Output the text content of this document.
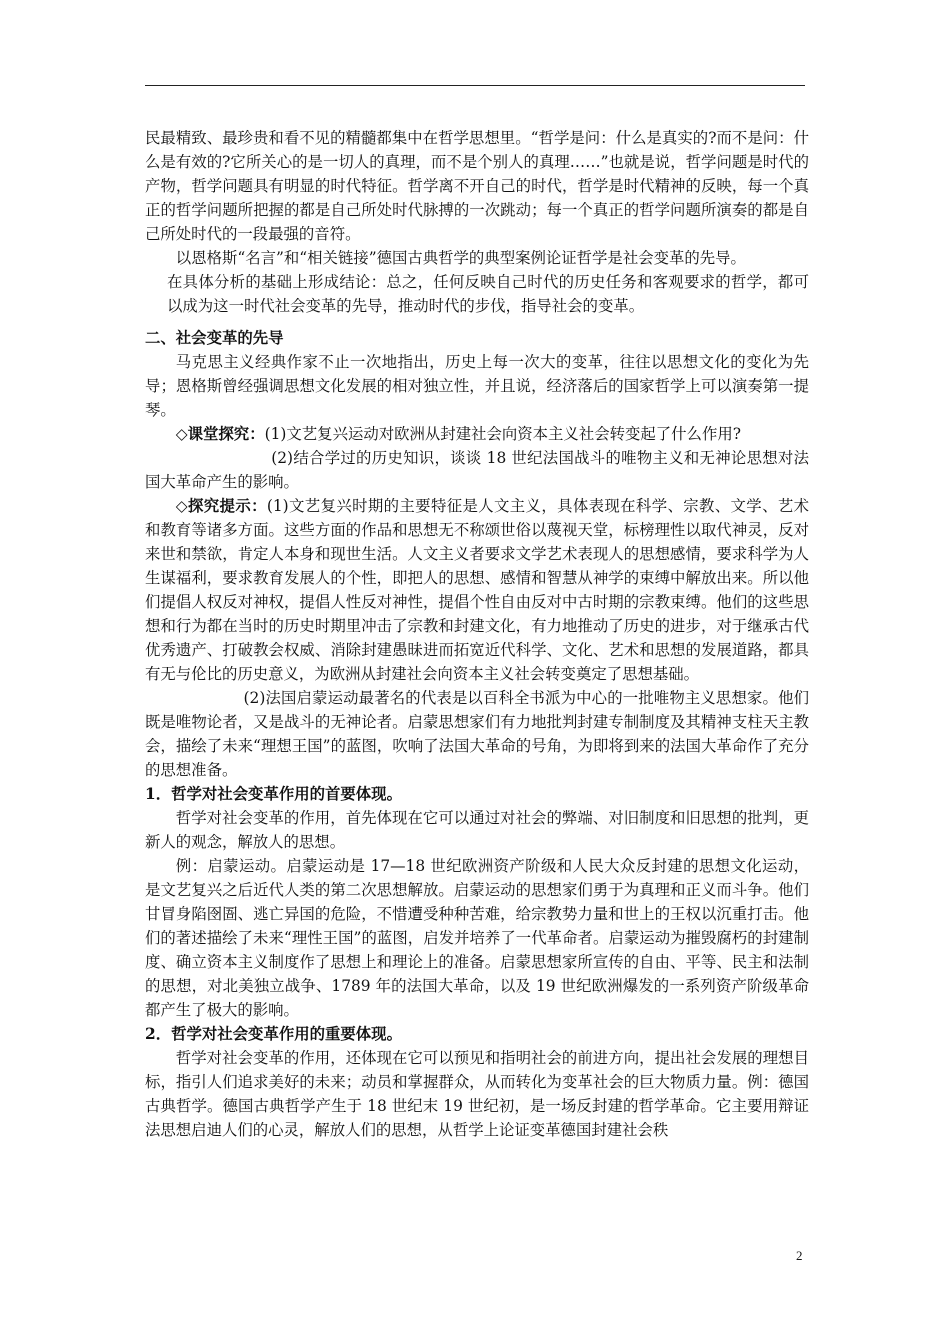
民最精致、最珍贵和看不见的精髓都集中在哲学思想里。“哲学是问：什么是真实的?而不是问：什么是有效的?它所关心的是一切人的真理，而不是个别人的真理……”也就是说，哲学问题是时代的产物，哲学问题具有明显的时代特征。哲学离不开自己的时代，哲学是时代精神的反映，每一个真正的哲学问题所把握的都是自己所处时代脉搏的一次跳动；每一个真正的哲学问题所演奏的都是自己所处时代的一段最强的音符。

以恩格斯“名言”和“相关链接”德国古典哲学的典型案例论证哲学是社会变革的先导。

在具体分析的基础上形成结论：总之，任何反映自己时代的历史任务和客观要求的哲学，都可以成为这一时代社会变革的先导，推动时代的步伐，指导社会的变革。

二、社会变革的先导

马克思主义经典作家不止一次地指出，历史上每一次大的变革，往往以思想文化的变化为先导；恩格斯曾经强调思想文化发展的相对独立性，并且说，经济落后的国家哲学上可以演奏第一提琴。

◇课堂探究：(1)文艺复兴运动对欧洲从封建社会向资本主义社会转变起了什么作用?

(2)结合学过的历史知识，谈谈 18 世纪法国战斗的唯物主义和无神论思想对法国大革命产生的影响。

◇探究提示：(1)文艺复兴时期的主要特征是人文主义，具体表现在科学、宗教、文学、艺术和教育等诸多方面。这些方面的作品和思想无不称颂世俗以蔑视天堂，标榜理性以取代神灵，反对来世和禁欲，肯定人本身和现世生活。人文主义者要求文学艺术表现人的思想感情，要求科学为人生谋福利，要求教育发展人的个性，即把人的思想、感情和智慧从神学的束缚中解放出来。所以他们提倡人权反对神权，提倡人性反对神性，提倡个性自由反对中古时期的宗教束缚。他们的这些思想和行为都在当时的历史时期里冲击了宗教和封建文化，有力地推动了历史的进步，对于继承古代优秀遗产、打破教会权威、消除封建愚昧进而拓宽近代科学、文化、艺术和思想的发展道路，都具有无与伦比的历史意义，为欧洲从封建社会向资本主义社会转变奠定了思想基础。

(2)法国启蒙运动最著名的代表是以百科全书派为中心的一批唯物主义思想家。他们既是唯物论者，又是战斗的无神论者。启蒙思想家们有力地批判封建专制制度及其精神支柱天主教会，描绘了未来“理想王国”的蓝图，吹响了法国大革命的号角，为即将到来的法国大革命作了充分的思想准备。

1．哲学对社会变革作用的首要体现。

哲学对社会变革的作用，首先体现在它可以通过对社会的弊端、对旧制度和旧思想的批判，更新人的观念，解放人的思想。

例：启蒙运动。启蒙运动是 17—18 世纪欧洲资产阶级和人民大众反封建的思想文化运动，是文艺复兴之后近代人类的第二次思想解放。启蒙运动的思想家们勇于为真理和正义而斗争。他们甘冒身陷囹圄、逃亡异国的危险，不惜遭受种种苦难，给宗教势力量和世上的王权以沉重打击。他们的著述描绘了未来“理性王国”的蓝图，启发并培养了一代革命者。启蒙运动为摧毁腐朽的封建制度、确立资本主义制度作了思想上和理论上的准备。启蒙思想家所宣传的自由、平等、民主和法制的思想，对北美独立战争、1789 年的法国大革命，以及 19 世纪欧洲爆发的一系列资产阶级革命都产生了极大的影响。

2．哲学对社会变革作用的重要体现。

哲学对社会变革的作用，还体现在它可以预见和指明社会的前进方向，提出社会发展的理想目标，指引人们追求美好的未来；动员和掌握群众，从而转化为变革社会的巨大物质力量。例：德国古典哲学。德国古典哲学产生于 18 世纪末 19 世纪初，是一场反封建的哲学革命。它主要用辩证法思想启迪人们的心灵，解放人们的思想，从哲学上论证变革德国封建社会秩

2
